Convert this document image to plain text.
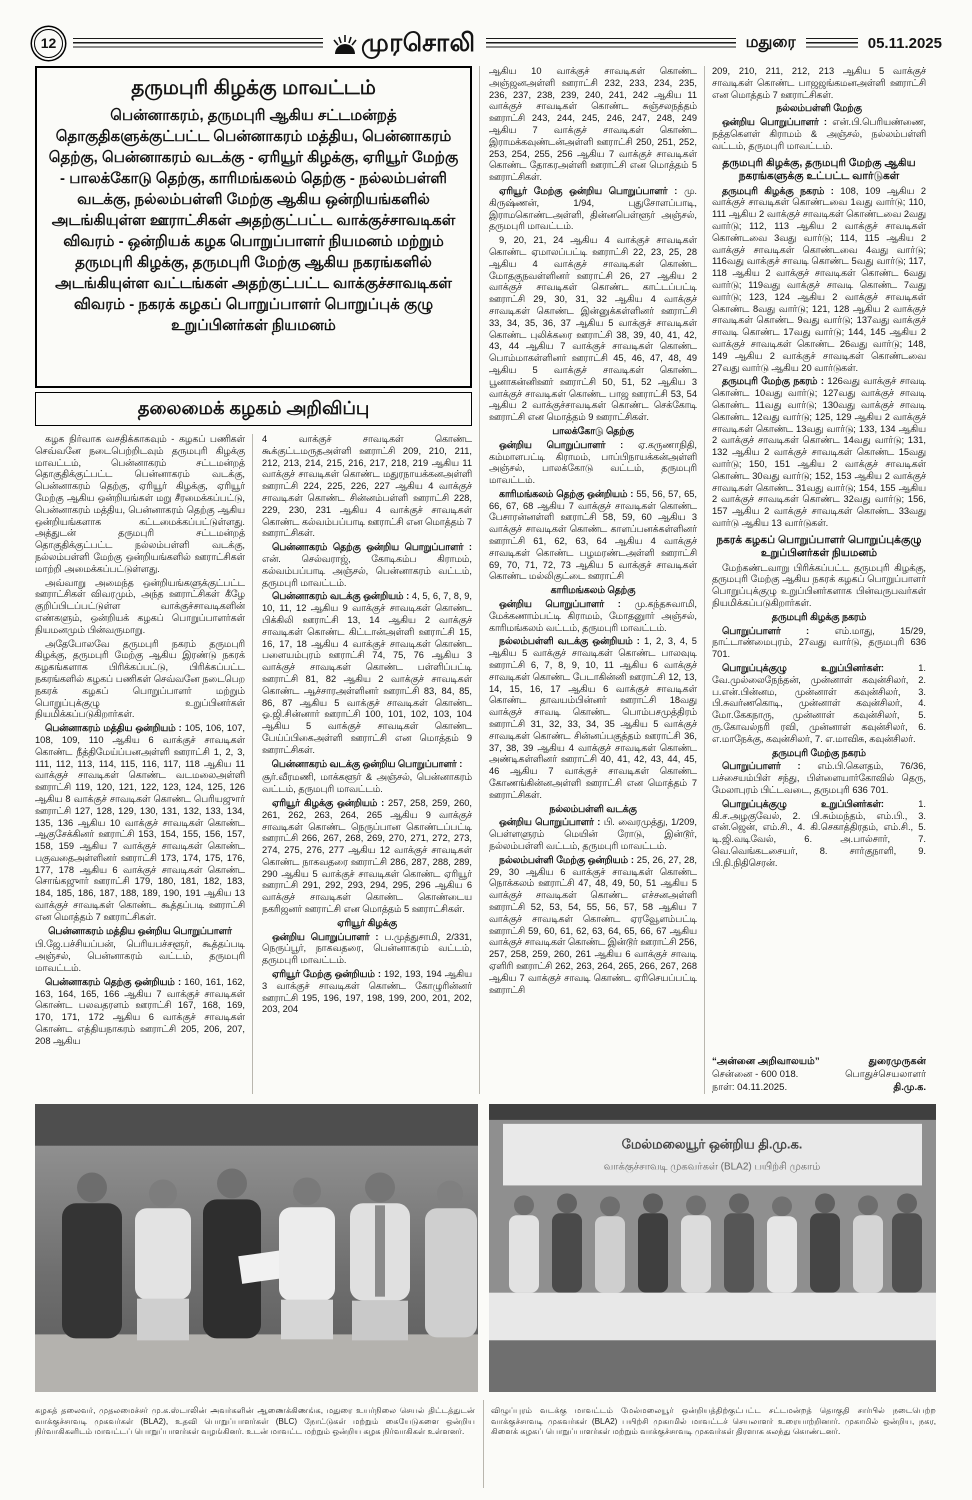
12	முரசொலி	மதுரை	05.11.2025
தருமபுரி கிழக்கு மாவட்டம்

பென்னாகரம், தருமபுரி ஆகிய சட்டமன்றத் தொகுதிகளுக்குட்பட்ட பென்னாகரம் மத்திய, பென்னாகரம் தெற்கு, பென்னாகரம் வடக்கு - ஏரியூர் கிழக்கு, ஏரியூர் மேற்கு - பாலக்கோடு தெற்கு, காரிமங்கலம் தெற்கு - நல்லம்பள்ளி வடக்கு, நல்லம்பள்ளி மேற்கு ஆகிய ஒன்றியங்களில் அடங்கியுள்ள ஊராட்சிகள் அதற்குட்பட்ட வாக்குச்சாவடிகள் விவரம் - ஒன்றியக் கழக பொறுப்பாளர் நியமனம் மற்றும் தருமபுரி கிழக்கு, தருமபுரி மேற்கு ஆகிய நகரங்களில் அடங்கியுள்ள வட்டங்கள் அதற்குட்பட்ட வாக்குச்சாவடிகள் விவரம் - நகரக் கழகப் பொறுப்பாளர் பொறுப்புக் குழு உறுப்பினர்கள் நியமனம்

தலைமைக் கழகம் அறிவிப்பு

கழக நிர்வாக வசதிக்காகவும் - கழகப் பணிகள் செவ்வனே நடைபெற்றிடவும் தருமபுரி கிழக்கு மாவட்டம், பென்னாகரம் சட்டமன்றத் தொகுதிக்குட்பட்ட பென்னாகரம் வடக்கு, பென்னாகரம் தெற்கு, ஏரியூர் கிழக்கு, ஏரியூர் மேற்கு ஆகிய ஒன்றியங்கள் மறு சீரமைக்கப்பட்டு, பென்னாகரம் மத்திய, பென்னாகரம் தெற்கு ஆகிய ஒன்றியங்களாக கட்டமைக்கப்பட்டுள்ளது. அத்துடன் தருமபுரி சட்டமன்றத் தொகுதிக்குட்பட்ட நல்லம்பள்ளி வடக்கு, நல்லம்பள்ளி மேற்கு ஒன்றியங்களில் ஊராட்சிகள் மாற்றி அமைக்கப்பட்டுள்ளது.

அவ்வாறு அமைந்த ஒன்றியங்களுக்குட்பட்ட ஊராட்சிகள் விவரமும், அந்த ஊராட்சிகள் கீழே குறிப்பிடப்பட்டுள்ள வாக்குச்சாவடிகளின் எண்களும், ஒன்றியக் கழகப் பொறுப்பாளர்கள் நியமனமும் பின்வருமாறு.

அதேபோலவே தருமபுரி நகரம் தருமபுரி கிழக்கு, தருமபுரி மேற்கு ஆகிய இரண்டு நகரக் கழகங்களாக பிரிக்கப்பட்டு, பிரிக்கப்பட்ட நகரங்களில் கழகப் பணிகள் செவ்வனே நடைபெற நகரக் கழகப் பொறுப்பாளர் மற்றும் பொறுப்புக்குழு உறுப்பினர்கள் நியமிக்கப்படுகிறார்கள்.

பென்னாகரம் மத்திய ஒன்றியம் : 105, 106, 107, 108, 109, 110 ஆகிய 6 வாக்குச் சாவடிகள் கொண்ட நீத்திமேய்ப்பனஅள்ளி ஊராட்சி 1, 2, 3, 111, 112, 113, 114, 115, 116, 117, 118 ஆகிய 11 வாக்குச் சாவடிகள் கொண்ட வடமலைஅள்ளி ஊராட்சி 119, 120, 121, 122, 123, 124, 125, 126 ஆகிய 8 வாக்குச் சாவடிகள் கொண்ட பெரியஜுார் ஊராட்சி 127, 128, 129, 130, 131, 132, 133, 134, 135, 136 ஆகிய 10 வாக்குச் சாவடிகள் கொண்ட ஆகுசேக்கினர் ஊராட்சி 153, 154, 155, 156, 157, 158, 159 ஆகிய 7 வாக்குச் சாவடிகள் கொண்ட பகுவதைஅள்ளினர் ஊராட்சி 173, 174, 175, 176, 177, 178 ஆகிய 6 வாக்குச் சாவடிகள் கொண்ட சொங்கஜுார் ஊராட்சி 179, 180, 181, 182, 183, 184, 185, 186, 187, 188, 189, 190, 191 ஆகிய 13 வாக்குச் சாவடிகள் கொண்ட கூத்தப்படி ஊராட்சி என மொத்தம் 7 ஊராட்சிகள்.

பென்னாகரம் மத்திய ஒன்றிய பொறுப்பாளர்

பி.ஜே.பச்சியப்பன், பெரியபச்சளூர், கூத்தப்படி அஞ்சல், பென்னாகரம் வட்டம், தருமபுரி மாவட்டம்.

பென்னாகரம் தெற்கு ஒன்றியம் : 160, 161, 162, 163, 164, 165, 166 ஆகிய 7 வாக்குச் சாவடிகள் கொண்ட பலவதரளம் ஊராட்சி 167, 168, 169, 170, 171, 172 ஆகிய 6 வாக்குச் சாவடிகள் கொண்ட எத்தியநாகரம் ஊராட்சி 205, 206, 207, 208 ஆகிய

4 வாக்குச் சாவடிகள் கொண்ட கூக்குட்டமருதஅள்ளி ஊராட்சி 209, 210, 211, 212, 213, 214, 215, 216, 217, 218, 219 ஆகிய 11 வாக்குச் சாவடிகள் கொண்ட மதுரநாயக்கனஅள்ளி ஊராட்சி 224, 225, 226, 227 ஆகிய 4 வாக்குச் சாவடிகள் கொண்ட சின்னம்பள்ளி ஊராட்சி 228, 229, 230, 231 ஆகிய 4 வாக்குச் சாவடிகள் கொண்ட கல்வம்பப்பாடி ஊராட்சி என மொத்தம் 7 ஊராட்சிகள்.

பென்னாகரம் தெற்கு ஒன்றிய பொறுப்பாளர் : என். செல்வராஜ், கோடிகம்ப கிராமம், கல்வம்பப்பாடி அஞ்சல், பென்னாகரம் வட்டம், தருமபுரி மாவட்டம்.

பென்னாகரம் வடக்கு ஒன்றியம் : 4, 5, 6, 7, 8, 9, 10, 11, 12 ஆகிய 9 வாக்குச் சாவடிகள் கொண்ட பிக்கிலி ஊராட்சி 13, 14 ஆகிய 2 வாக்குச் சாவடிகள் கொண்ட கிட்டான்அள்ளி ஊராட்சி 15, 16, 17, 18 ஆகிய 4 வாக்குச் சாவடிகள் கொண்ட பளையம்புரம் ஊராட்சி 74, 75, 76 ஆகிய 3 வாக்குச் சாவடிகள் கொண்ட பள்ளிப்பட்டி ஊராட்சி 81, 82 ஆகிய 2 வாக்குச் சாவடிகள் கொண்ட ஆச்சாரஅள்ளினர் ஊராட்சி 83, 84, 85, 86, 87 ஆகிய 5 வாக்குச் சாவடிகள் கொண்ட ஓ.ஜி.சின்னார் ஊராட்சி 100, 101, 102, 103, 104 ஆகிய 5 வாக்குச் சாவடிகள் கொண்ட பேய்ப்பிகைஅள்ளி ஊராட்சி என மொத்தம் 9 ஊராட்சிகள்.

பென்னாகரம் வடக்கு ஒன்றிய பொறுப்பாளர் :

சூர்.வீரமணி, மாக்களூர் & அஞ்சல், பென்னாகரம் வட்டம், தருமபுரி மாவட்டம்.

ஏரியூர் கிழக்கு ஒன்றியம் : 257, 258, 259, 260, 261, 262, 263, 264, 265 ஆகிய 9 வாக்குச் சாவடிகள் கொண்ட நெருப்பான கொண்டப்பட்டி ஊராட்சி 266, 267, 268, 269, 270, 271, 272, 273, 274, 275, 276, 277 ஆகிய 12 வாக்குச் சாவடிகள் கொண்ட நாகவதரை ஊராட்சி 286, 287, 288, 289, 290 ஆகிய 5 வாக்குச் சாவடிகள் கொண்ட ஏரியூர் ஊராட்சி 291, 292, 293, 294, 295, 296 ஆகிய 6 வாக்குச் சாவடிகள் கொண்ட கொண்டைய நகரிஜனர் ஊராட்சி என மொத்தம் 5 ஊராட்சிகள்.

ஏரியூர் கிழக்கு

ஒன்றிய பொறுப்பாளர் : ப.முத்துசாமி, 2/331, நெருப்பூர், நாகவதரை, பென்னாகரம் வட்டம், தருமபுரி மாவட்டம்.

ஏரியூர் மேற்கு ஒன்றியம் : 192, 193, 194 ஆகிய 3 வாக்குச் சாவடிகள் கொண்ட கோழுரின்னர் ஊராட்சி 195, 196, 197, 198, 199, 200, 201, 202, 203, 204

ஆகிய 10 வாக்குச் சாவடிகள் கொண்ட அஞ்ஜனஅள்ளி ஊராட்சி 232, 233, 234, 235, 236, 237, 238, 239, 240, 241, 242 ஆகிய 11 வாக்குச் சாவடிகள் கொண்ட சுஞ்சலநத்தம் ஊராட்சி 243, 244, 245, 246, 247, 248, 249 ஆகிய 7 வாக்குச் சாவடிகள் கொண்ட இராமக்கவுண்டன்அள்ளி ஊராட்சி 250, 251, 252, 253, 254, 255, 256 ஆகிய 7 வாக்குச் சாவடிகள் கொண்ட தோகரஅள்ளி ஊராட்சி என மொத்தம் 5 ஊராட்சிகள்.

ஏரியூர் மேற்கு ஒன்றிய பொறுப்பாளர் : மு. கிருஷ்ணன், 1/94, புதுசோளப்பாடி, இராமகொண்டஅள்ளி, தின்னபெள்ளூர் அஞ்சல், தருமபுரி மாவட்டம்.

9, 20, 21, 24 ஆகிய 4 வாக்குச் சாவடிகள் கொண்ட ஏமாலப்பட்டி ஊராட்சி 22, 23, 25, 28 ஆகிய 4 வாக்குச் சாவடிகள் கொண்ட மோதகுநவள்ளினர் ஊராட்சி 26, 27 ஆகிய 2 வாக்குச் சாவடிகள் கொண்ட காட்டப்பட்டி ஊராட்சி 29, 30, 31, 32 ஆகிய 4 வாக்குச் சாவடிகள் கொண்ட இன்னுக்கள்ளினர் ஊராட்சி 33, 34, 35, 36, 37 ஆகிய 5 வாக்குச் சாவடிகள் கொண்ட புலிக்கரை ஊராட்சி 38, 39, 40, 41, 42, 43, 44 ஆகிய 7 வாக்குச் சாவடிகள் கொண்ட பொம்மாகள்ளினர் ஊராட்சி 45, 46, 47, 48, 49 ஆகிய 5 வாக்குச் சாவடிகள் கொண்ட பூனாகன்னிஊர் ஊராட்சி 50, 51, 52 ஆகிய 3 வாக்குச் சாவடிகள் கொண்ட பாஜ ஊராட்சி 53, 54 ஆகிய 2 வாக்குச்சாவடிகள் கொண்ட செக்கோடி ஊராட்சி என மொத்தம் 9 ஊராட்சிகள்.

பாலக்கோடு தெற்கு

ஒன்றிய பொறுப்பாளர் : ஏ.கருணாநிதி, கம்மாளபட்டி கிராமம், பாப்பிநாயக்கன்அள்ளி அஞ்சல், பாலக்கோடு வட்டம், தருமபுரி மாவட்டம்.

காரிமங்கலம் தெற்கு ஒன்றியம் : 55, 56, 57, 65, 66, 67, 68 ஆகிய 7 வாக்குச் சாவடிகள் கொண்ட பேசாரன்னள்ளி ஊராட்சி 58, 59, 60 ஆகிய 3 வாக்குச் சாவடிகள் கொண்ட காளப்பனக்கள்ளினர் ஊராட்சி 61, 62, 63, 64 ஆகிய 4 வாக்குச் சாவடிகள் கொண்ட பழமரண்டஅள்ளி ஊராட்சி 69, 70, 71, 72, 73 ஆகிய 5 வாக்குச் சாவடிகள் கொண்ட மல்லிகுட்டை ஊராட்சி

காரிமங்கலம் தெற்கு

ஒன்றிய பொறுப்பாளர் : மு.கந்தசுவாமி, மேக்கணாம்பட்டி கிராமம், மோதனுார் அஞ்சல், காரிமங்கலம் வட்டம், தருமபுரி மாவட்டம்.

நல்லம்பள்ளி வடக்கு ஒன்றியம் : 1, 2, 3, 4, 5 ஆகிய 5 வாக்குச் சாவடிகள் கொண்ட பாலவுடி ஊராட்சி 6, 7, 8, 9, 10, 11 ஆகிய 6 வாக்குச் சாவடிகள் கொண்ட பேடாகின்னி ஊராட்சி 12, 13, 14, 15, 16, 17 ஆகிய 6 வாக்குச் சாவடிகள் கொண்ட தாவயம்பின்னர் ஊராட்சி 18வது வாக்குச் சாவடி கொண்ட பொம்பசமுத்திரம் ஊராட்சி 31, 32, 33, 34, 35 ஆகிய 5 வாக்குச் சாவடிகள் கொண்ட சின்னப்பகுத்தம் ஊராட்சி 36, 37, 38, 39 ஆகிய 4 வாக்குச் சாவடிகள் கொண்ட அண்டிகள்ளினர் ஊராட்சி 40, 41, 42, 43, 44, 45, 46 ஆகிய 7 வாக்குச் சாவடிகள் கொண்ட கோணங்கின்னஅள்ளி ஊராட்சி என மொத்தம் 7 ஊராட்சிகள்.

நல்லம்பள்ளி வடக்கு

ஒன்றிய பொறுப்பாளர் : பி. வைரமுத்து, 1/209, பெள்ளளுரம் மெயின் ரோடு, இன்டூர், நல்லம்பள்ளி வட்டம், தருமபுரி மாவட்டம்.

நல்லம்பள்ளி மேற்கு ஒன்றியம் : 25, 26, 27, 28, 29, 30 ஆகிய 6 வாக்குச் சாவடிகள் கொண்ட நொக்கலம் ஊராட்சி 47, 48, 49, 50, 51 ஆகிய 5 வாக்குச் சாவடிகள் கொண்ட எச்சனஅள்ளி ஊராட்சி 52, 53, 54, 55, 56, 57, 58 ஆகிய 7 வாக்குச் சாவடிகள் கொண்ட ஏரவூேளம்பட்டி ஊராட்சி 59, 60, 61, 62, 63, 64, 65, 66, 67 ஆகிய வாக்குச் சாவடிகள் கொண்ட இன்டூர் ஊராட்சி 256, 257, 258, 259, 260, 261 ஆகிய 6 வாக்குச் சாவடி ஏளிரி ஊராட்சி 262, 263, 264, 265, 266, 267, 268 ஆகிய 7 வாக்குச் சாவடி கொண்ட ஏரிசெயப்பட்டி ஊராட்சி

209, 210, 211, 212, 213 ஆகிய 5 வாக்குச் சாவடிகள் கொண்ட பாஜஜங்கமனஅள்ளி ஊராட்சி என மொத்தம் 7 ஊராட்சிகள்.

நல்லம்பள்ளி மேற்கு

ஒன்றிய பொறுப்பாளர் : என்.பி.பெரியண்ணை, நத்தகௌள் கிராமம் & அஞ்சல், நல்லம்பள்ளி வட்டம், தருமபுரி மாவட்டம்.

தருமபுரி கிழக்கு, தருமபுரி மேற்கு ஆகிய நகரங்களுக்கு உட்பட்ட வார்டுகள்

தருமபுரி கிழக்கு நகரம் : 108, 109 ஆகிய 2 வாக்குச் சாவடிகள் கொண்டவை 1வது வார்டு; 110, 111 ஆகிய 2 வாக்குச் சாவடிகள் கொண்டவை 2வது வார்டு; 112, 113 ஆகிய 2 வாக்குச் சாவடிகள் கொண்டவை 3வது வார்டு; 114, 115 ஆகிய 2 வாக்குச் சாவடிகள் கொண்டவை 4வது வார்டு; 116வது வாக்குச் சாவடி கொண்ட 5வது வார்டு; 117, 118 ஆகிய 2 வாக்குச் சாவடிகள் கொண்ட 6வது வார்டு; 119வது வாக்குச் சாவடி கொண்ட 7வது வார்டு; 123, 124 ஆகிய 2 வாக்குச் சாவடிகள் கொண்ட 8வது வார்டு; 121, 128 ஆகிய 2 வாக்குச் சாவடிகள் கொண்ட 9வது வார்டு; 137வது வாக்குச் சாவடி கொண்ட 17வது வார்டு; 144, 145 ஆகிய 2 வாக்குச் சாவடிகள் கொண்ட 26வது வார்டு; 148, 149 ஆகிய 2 வாக்குச் சாவடிகள் கொண்டவை 27வது வார்டு ஆகிய 20 வார்டுகள்.

தருமபுரி மேற்கு நகரம் : 126வது வாக்குச் சாவடி கொண்ட 10வது வார்டு; 127வது வாக்குச் சாவடி கொண்ட 11வது வார்டு; 130வது வாக்குச் சாவடி கொண்ட 12வது வார்டு; 125, 129 ஆகிய 2 வாக்குச் சாவடிகள் கொண்ட 13வது வார்டு; 133, 134 ஆகிய 2 வாக்குச் சாவடிகள் கொண்ட 14வது வார்டு; 131, 132 ஆகிய 2 வாக்குச் சாவடிகள் கொண்ட 15வது வார்டு; 150, 151 ஆகிய 2 வாக்குச் சாவடிகள் கொண்ட 30வது வார்டு; 152, 153 ஆகிய 2 வாக்குச் சாவடிகள் கொண்ட 31வது வார்டு; 154, 155 ஆகிய 2 வாக்குச் சாவடிகள் கொண்ட 32வது வார்டு; 156, 157 ஆகிய 2 வாக்குச் சாவடிகள் கொண்ட 33வது வார்டு ஆகிய 13 வார்டுகள்.

நகரக் கழகப் பொறுப்பாளர் பொறுப்புக்குழு உறுப்பினர்கள் நியமனம்

மேற்கண்டவாறு பிரிக்கப்பட்ட தருமபுரி கிழக்கு, தருமபுரி மேற்கு ஆகிய நகரக் கழகப் பொறுப்பாளர் பொறுப்புக்குழு உறுப்பினர்களாக பின்வருபவர்கள் நியமிக்கப்படுகிறார்கள்.

தருமபுரி கிழக்கு நகரம்

பொறுப்பாளர் : எம்.மாது, 15/29, நாட்டாண்மைபுரம், 27வது வார்டு, தருமபுரி 636 701.

பொறுப்புக்குழு உறுப்பினர்கள்: 1. வே.முல்லைநேந்தன், முன்னாள் கவுன்சிலர், 2. ப.என்.பின்னம, முன்னாள் கவுன்சிலர், 3. பி.சுவர்ணகொடி, முன்னாள் கவுன்சிலர், 4. மோ.கேகநாரு, முன்னாள் கவுன்சிலர், 5. ரு.கோவல்நரி ரவி, முன்னாள் கவுன்சிலர், 6. எ.மாநேக்கு, கவுன்சிலர், 7. எ.மாவிசு, கவுன்சிலர்.

தருமபுரி மேற்கு நகரம்

பொறுப்பாளர் : எம்.பி.கெளதம், 76/36, பச்சையம்பிள் சந்து, பிள்ளையார்கோவில் தெரு, மேலாபுரம் பிட்டவடை, தருமபுரி 636 701.

பொறுப்புக்குழு உறுப்பினர்கள்: 1. கி.ச.அழகுவேல், 2. பி.சும்மந்தம், எம்.பி., 3. என்.ஜென், எம்.சி., 4. கி.செகாத்திரதம், எம்.சி., 5. டி.ஜி.வடிவேல், 6. அ.பால்சார், 7. வெ.வெங்கடசையர், 8. சார்குநாளி, 9. பி.நி.நிதிசெரன்.

“அன்னை அறிவாலயம்”	துரைமுருகன்
சென்னை - 600 018.	பொதுச்செயலாளர்
நாள்: 04.11.2025.	தி.மு.க.
மேல்மலையூர் ஒன்றிய தி.மு.க.
வாக்குச்சாவடி முகவர்கள் (BLA2) பயிற்சி முகாம்

கழகத் தலைவர், முதலமைச்சர் மு.க.ஸ்டாலின் அவர்களின் ஆணைக்கிணங்க, மதுரை உயர்நிலை செயல் திட்டத்துடன் வாக்குச்சாவடி முகவர்கள் (BLA2), உதவி பொறுப்பாளர்கள் (BLC) நோட்டுகள் மற்றும் கையேடுகளை ஒன்றிய நிர்வாகிகளிடம் மாவட்டப் பொறுப்பாளர்கள் வழங்கினர். உடன் மாவட்ட மற்றும் ஒன்றிய கழக நிர்வாகிகள் உள்ளனர்.

விழுப்புரம் வடக்கு மாவட்டம் மேல்மலையூர் ஒன்றியத்திற்குட்பட்ட சட்டமன்றத் தொகுதி சார்பில் நடைபெற்ற வாக்குச்சாவடி முகவர்கள் (BLA2) பயிற்சி முகாமில் மாவட்டச் செயலாளர் உரையாற்றினார். முகாமில் ஒன்றிய, நகர, கிளைக் கழகப் பொறுப்பாளர்கள் மற்றும் வாக்குச்சாவடி முகவர்கள் திரளாக கலந்து கொண்டனர்.
